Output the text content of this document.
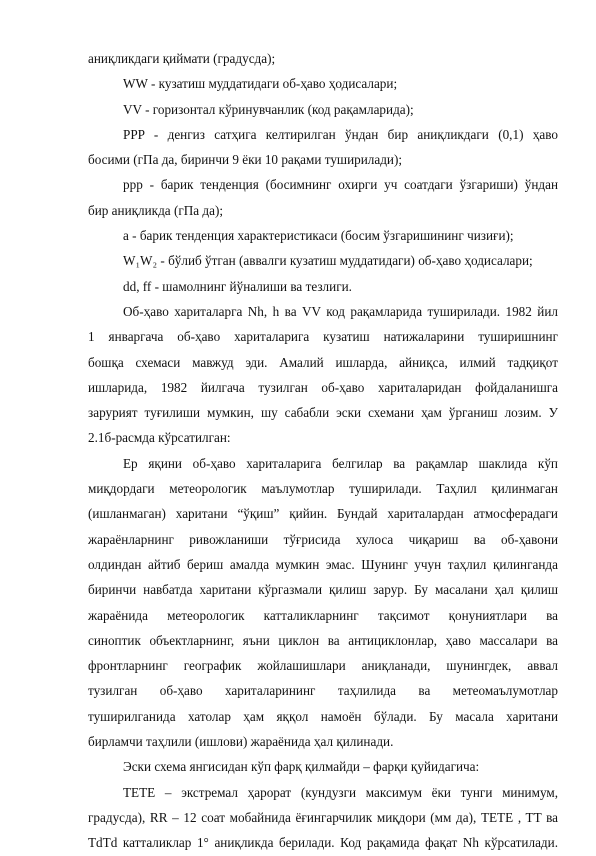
аниқликдаги қиймати (градусда);
WW - кузатиш муддатидаги об-ҳаво ҳодисалари;
VV - горизонтал кўринувчанлик (код рақамларида);
PPP - денгиз сатҳига келтирилган ўндан бир аниқликдаги (0,1) ҳаво
босими (гПа да, биринчи 9 ёки 10 рақами туширилади);
ppp - барик тенденция (босимнинг охирги уч соатдаги ўзгариши) ўндан
бир аниқликда (гПа да);
a - барик тенденция характеристикаси (босим ўзгаришининг чизиғи);
W₁W₂ - бўлиб ўтган (аввалги кузатиш муддатидаги) об-ҳаво ҳодисалари;
dd, ff - шамолнинг йўналиши ва тезлиги.
Об-ҳаво хариталарга Nh, h ва VV код рақамларида туширилади. 1982 йил
1 январгача об-ҳаво хариталарига кузатиш натижаларини туширишнинг
бошқа схемаси мавжуд эди. Амалий ишларда, айниқса, илмий тадқиқот
ишларида, 1982 йилгача тузилган об-ҳаво хариталаридан фойдаланишга
зарурият туғилиши мумкин, шу сабабли эски схемани ҳам ўрганиш лозим. У
2.1б-расмда кўрсатилган:
Ер яқини об-ҳаво хариталарига белгилар ва рақамлар шаклида кўп
миқдордаги метеорологик маълумотлар туширилади. Таҳлил қилинмаган
(ишланмаган) харитани “ўқиш” қийин. Бундай хариталардан атмосферадаги
жараёнларнинг ривожланиши тўғрисида хулоса чиқариш ва об-ҳавони
олдиндан айтиб бериш амалда мумкин эмас. Шунинг учун таҳлил қилинганда
биринчи навбатда харитани кўргазмали қилиш зарур. Бу масалани ҳал қилиш
жараёнида метеорологик катталикларнинг тақсимот қонуниятлари ва
синоптик объектларнинг, яъни циклон ва антициклонлар, ҳаво массалари ва
фронтларнинг географик жойлашишлари аниқланади, шунингдек, аввал
тузилган об-ҳаво хариталарининг таҳлилида ва метеомаълумотлар
туширилганида хатолар ҳам яққол намоён бўлади. Бу масала харитани
бирламчи таҳлили (ишлови) жараёнида ҳал қилинади.
Эски схема янгисидан кўп фарқ қилмайди – фарқи қуйидагича:
TETE – экстремал ҳарорат (кундузги максимум ёки тунги минимум,
градусда), RR – 12 соат мобайнида ёғингарчилик миқдори (мм да), TETE , TT ва
TdTd катталиклар 1° аниқликда берилади. Код рақамида фақат Nh кўрсатилади.
